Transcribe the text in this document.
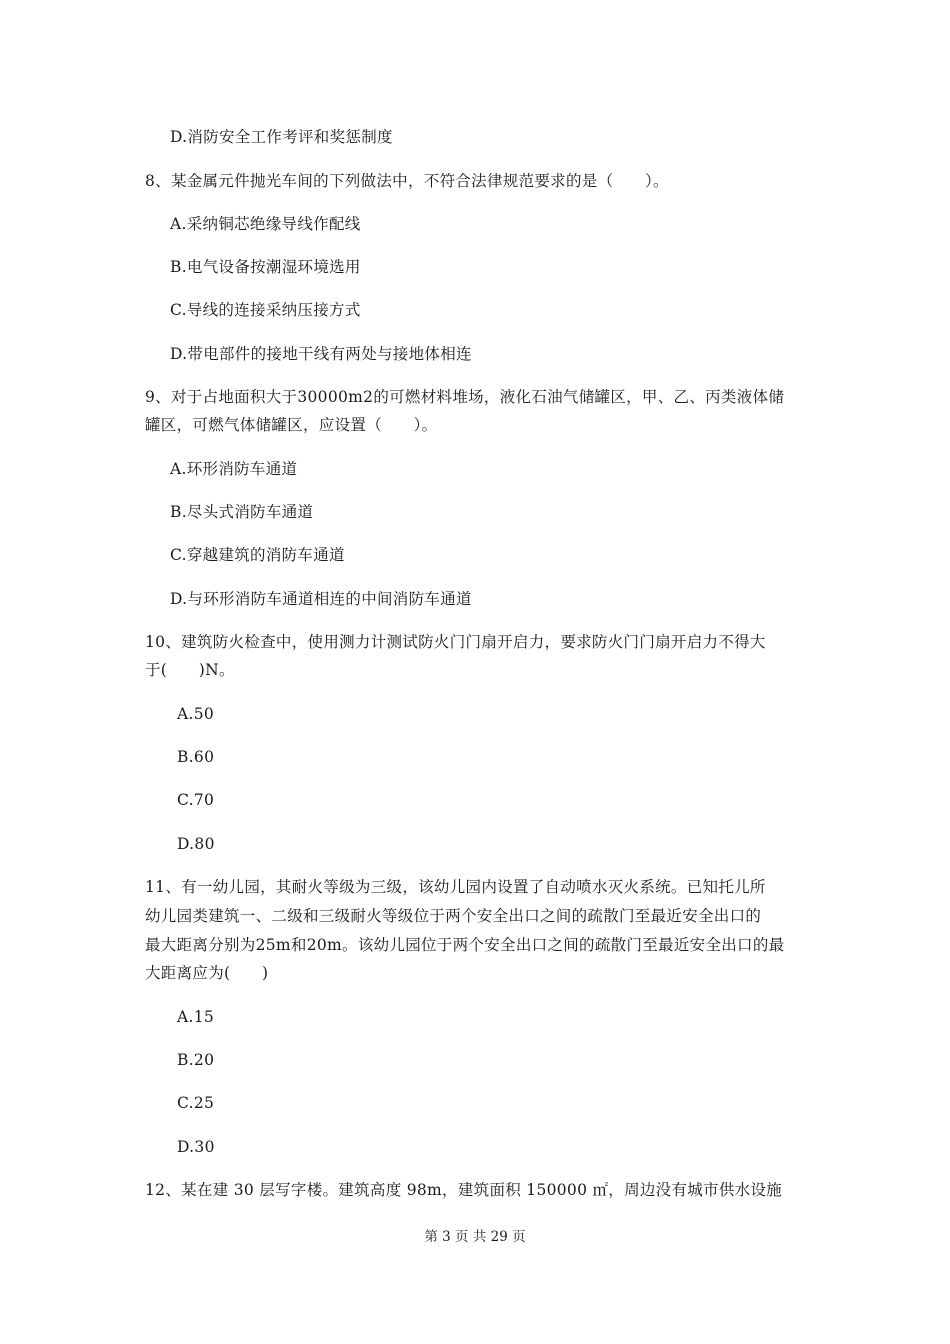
D.消防安全工作考评和奖惩制度
8、某金属元件抛光车间的下列做法中，不符合法律规范要求的是（　　）。
A.采纳铜芯绝缘导线作配线
B.电气设备按潮湿环境选用
C.导线的连接采纳压接方式
D.带电部件的接地干线有两处与接地体相连
9、对于占地面积大于30000m2的可燃材料堆场，液化石油气储罐区，甲、乙、丙类液体储
罐区，可燃气体储罐区，应设置（　　）。
A.环形消防车通道
B.尽头式消防车通道
C.穿越建筑的消防车通道
D.与环形消防车通道相连的中间消防车通道
10、建筑防火检查中，使用测力计测试防火门门扇开启力，要求防火门门扇开启力不得大
于(　　)N。
A.50
B.60
C.70
D.80
11、有一幼儿园，其耐火等级为三级，该幼儿园内设置了自动喷水灭火系统。已知托儿所
幼儿园类建筑一、二级和三级耐火等级位于两个安全出口之间的疏散门至最近安全出口的
最大距离分别为25m和20m。该幼儿园位于两个安全出口之间的疏散门至最近安全出口的最
大距离应为(　　)
A.15
B.20
C.25
D.30
12、某在建 30 层写字楼。建筑高度 98m，建筑面积 150000 ㎡，周边没有城市供水设施
第 3 页 共 29 页
